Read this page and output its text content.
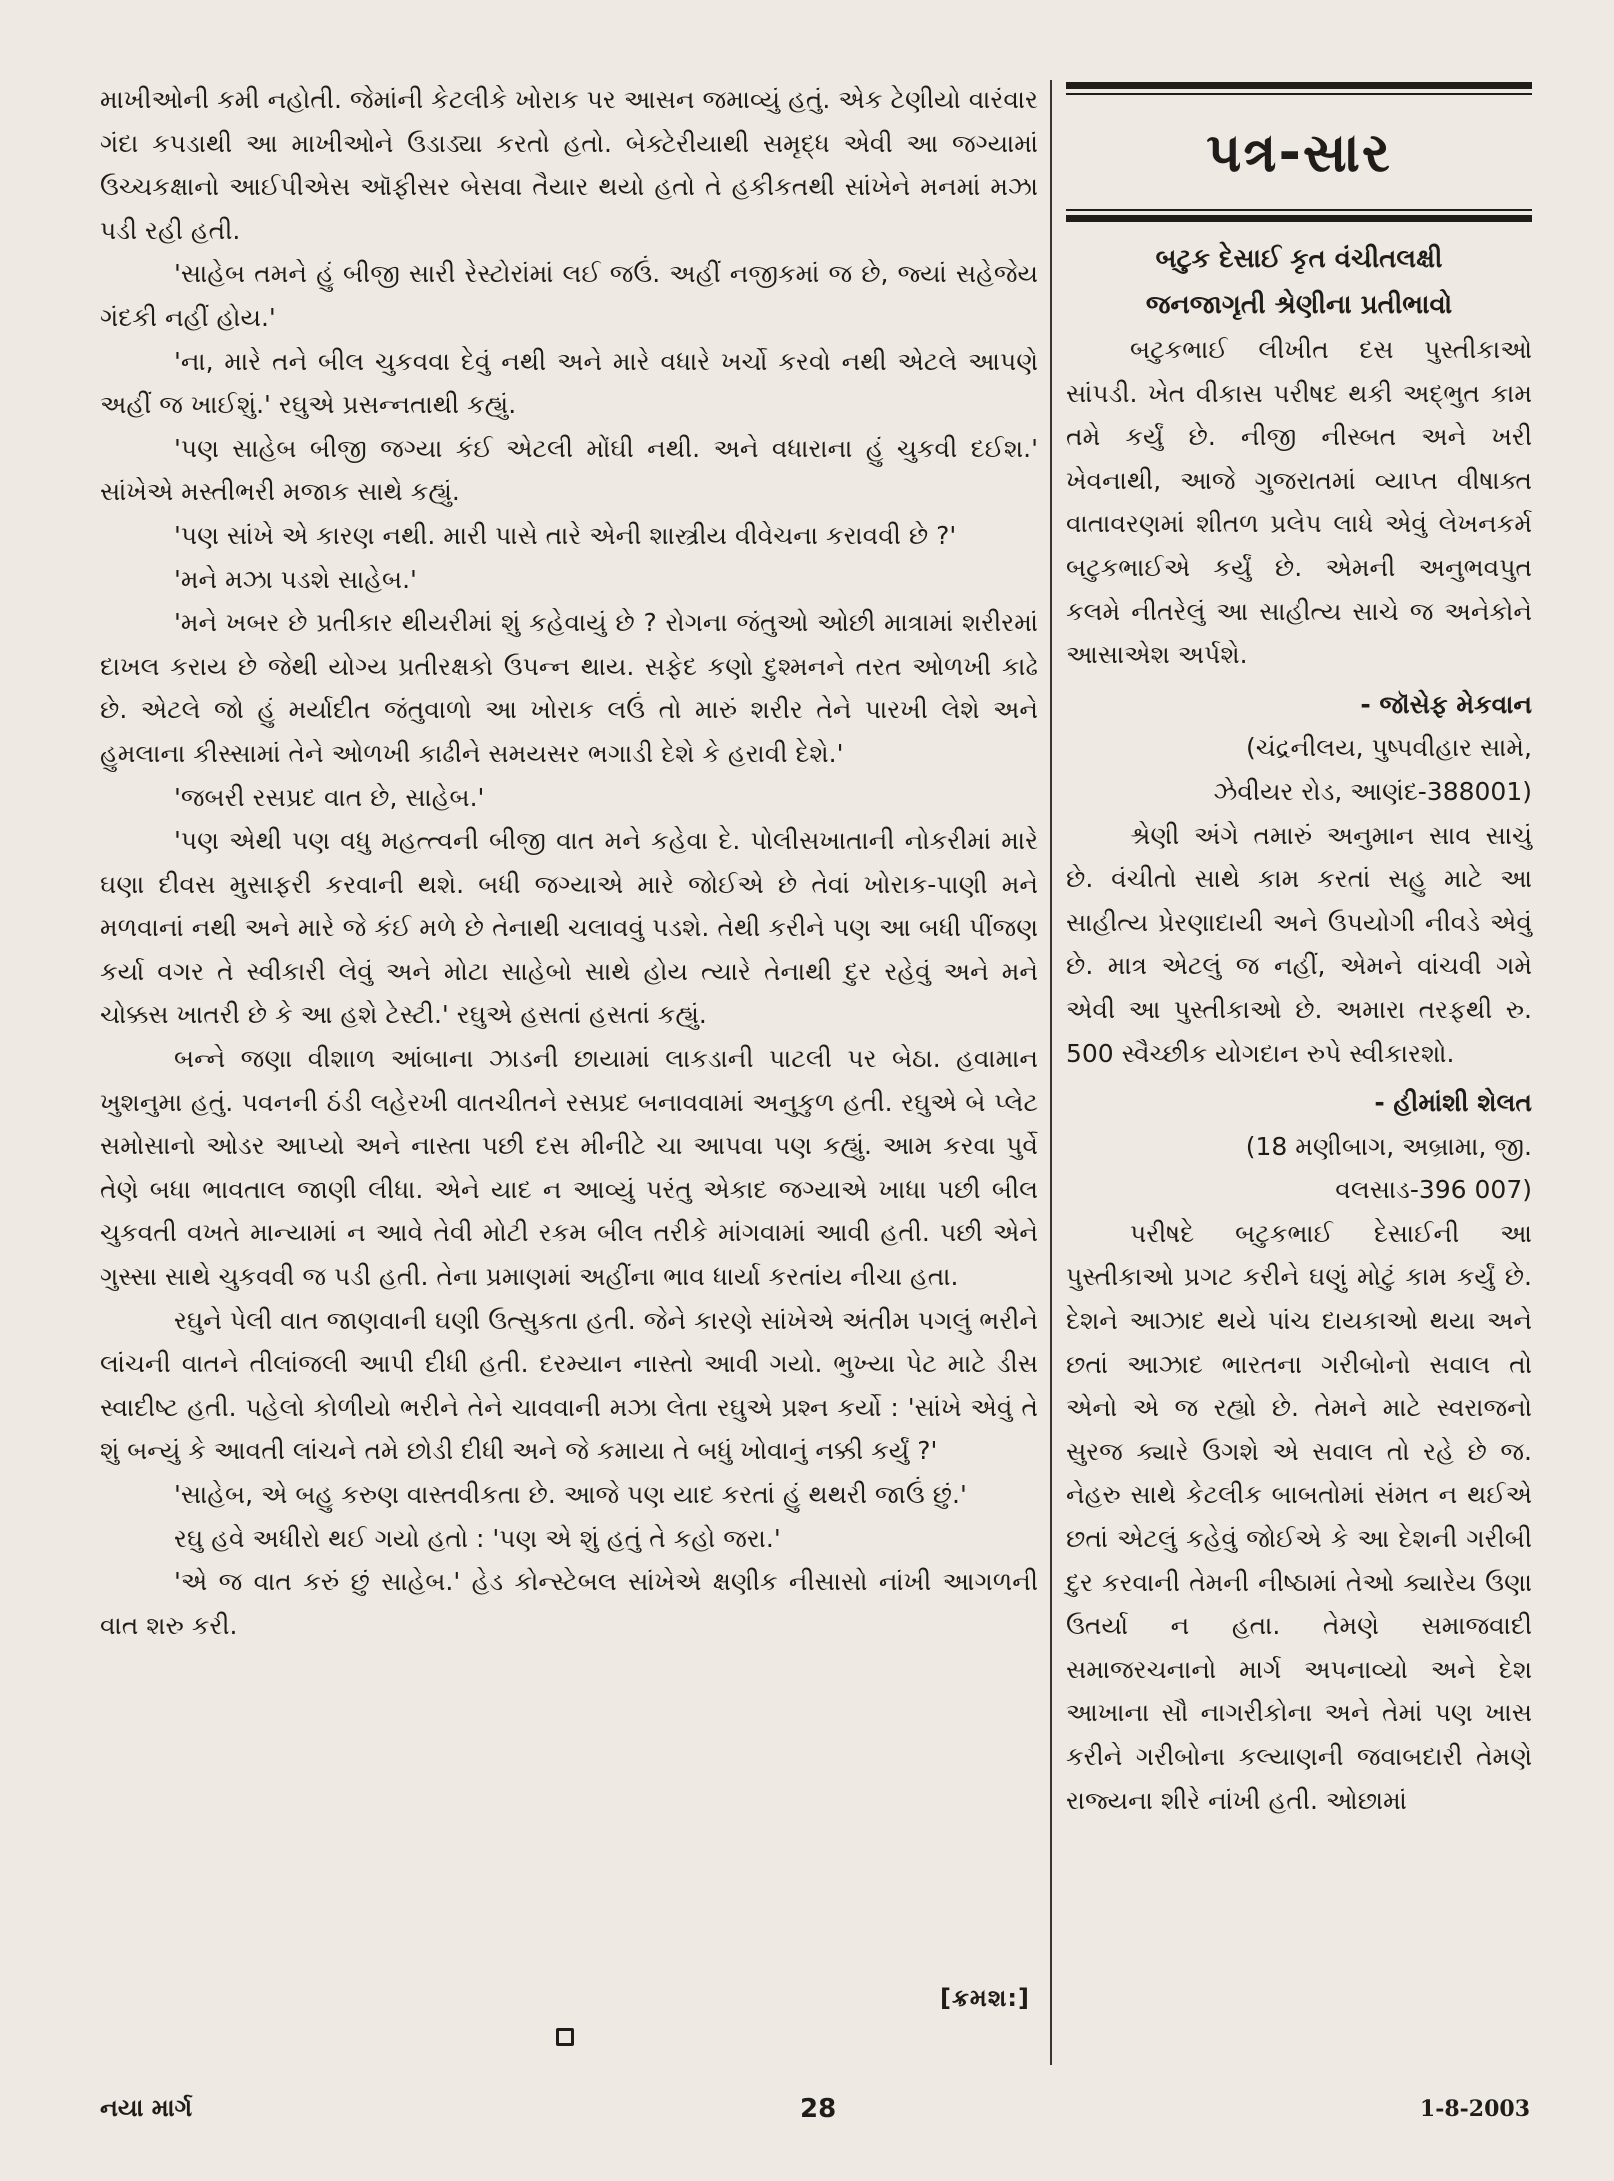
માખીઓની કમી નહોતી. જેમાંની કેટલીકે ખોરાક પર આસન જમાવ્યું હતું. એક ટેણીયો વારંવાર ગંદા કપડાથી આ માખીઓને ઉડાડ્યા કરતો હતો. બેક્ટેરીયાથી સમૃદ્ધ એવી આ જગ્યામાં ઉચ્ચકક્ષાનો આઈપીએસ ઑફીસર બેસવા તૈયાર થયો હતો તે હકીકતથી સાંખેને મનમાં મઝા પડી રહી હતી.

'સાહેબ તમને હું બીજી સારી રેસ્ટોરાંમાં લઈ જઉં. અહીં નજીકમાં જ છે, જ્યાં સહેજેય ગંદકી નહીં હોય.'

'ના, મારે તને બીલ ચુકવવા દેવું નથી અને મારે વધારે ખર્ચો કરવો નથી એટલે આપણે અહીં જ ખાઈશું.' રઘુએ પ્રસન્નતાથી કહ્યું.

'પણ સાહેબ બીજી જગ્યા કંઈ એટલી મોંઘી નથી. અને વધારાના હું ચુકવી દઈશ.' સાંખેએ મસ્તીભરી મજાક સાથે કહ્યું.

'પણ સાંખે એ કારણ નથી. મારી પાસે તારે એની શાસ્ત્રીય વીવેચના કરાવવી છે ?'

'મને મઝા પડશે સાહેબ.'

'મને ખબર છે પ્રતીકાર થીયરીમાં શું કહેવાયું છે ? રોગના જંતુઓ ઓછી માત્રામાં શરીરમાં દાખલ કરાય છે જેથી યોગ્ય પ્રતીરક્ષકો ઉપન્ન થાય. સફેદ કણો દુશ્મનને તરત ઓળખી કાઢે છે. એટલે જો હું મર્યાદીત જંતુવાળો આ ખોરાક લઉં તો મારું શરીર તેને પારખી લેશે અને હુમલાના કીસ્સામાં તેને ઓળખી કાઢીને સમયસર ભગાડી દેશે કે હરાવી દેશે.'

'જબરી રસપ્રદ વાત છે, સાહેબ.'

'પણ એથી પણ વધુ મહત્ત્વની બીજી વાત મને કહેવા દે. પોલીસખાતાની નોકરીમાં મારે ઘણા દીવસ મુસાફરી કરવાની થશે. બધી જગ્યાએ મારે જોઈએ છે તેવાં ખોરાક-પાણી મને મળવાનાં નથી અને મારે જે કંઈ મળે છે તેનાથી ચલાવવું પડશે. તેથી કરીને પણ આ બધી પીંજણ કર્યા વગર તે સ્વીકારી લેવું અને મોટા સાહેબો સાથે હોય ત્યારે તેનાથી દુર રહેવું અને મને ચોક્કસ ખાતરી છે કે આ હશે ટેસ્ટી.' રઘુએ હસતાં હસતાં કહ્યું.

બન્ને જણા વીશાળ આંબાના ઝાડની છાયામાં લાકડાની પાટલી પર બેઠા. હવામાન ખુશનુમા હતું. પવનની ઠંડી લહેરખી વાતચીતને રસપ્રદ બનાવવામાં અનુકુળ હતી. રઘુએ બે પ્લેટ સમોસાનો ઓડર આપ્યો અને નાસ્તા પછી દસ મીનીટે ચા આપવા પણ કહ્યું. આમ કરવા પુર્વે તેણે બધા ભાવતાલ જાણી લીધા. એને યાદ ન આવ્યું પરંતુ એકાદ જગ્યાએ ખાધા પછી બીલ ચુકવતી વખતે માન્યામાં ન આવે તેવી મોટી રકમ બીલ તરીકે માંગવામાં આવી હતી. પછી એને ગુસ્સા સાથે ચુકવવી જ પડી હતી. તેના પ્રમાણમાં અહીંના ભાવ ધાર્યા કરતાંય નીચા હતા.

રઘુને પેલી વાત જાણવાની ઘણી ઉત્સુકતા હતી. જેને કારણે સાંખેએ અંતીમ પગલું ભરીને લાંચની વાતને તીલાંજલી આપી દીધી હતી. દરમ્યાન નાસ્તો આવી ગયો. ભુખ્યા પેટ માટે ડીસ સ્વાદીષ્ટ હતી. પહેલો કોળીયો ભરીને તેને ચાવવાની મઝા લેતા રઘુએ પ્રશ્ન કર્યો : 'સાંખે એવું તે શું બન્યું કે આવતી લાંચને તમે છોડી દીધી અને જે કમાયા તે બધું ખોવાનું નક્કી કર્યું ?'

'સાહેબ, એ બહુ કરુણ વાસ્તવીકતા છે. આજે પણ યાદ કરતાં હું થથરી જાઉં છું.'

રઘુ હવે અધીરો થઈ ગયો હતો : 'પણ એ શું હતું તે કહો જરા.'

'એ જ વાત કરું છું સાહેબ.' હેડ કોન્સ્ટેબલ સાંખેએ ક્ષણીક નીસાસો નાંખી આગળની વાત શરુ કરી.

[ક્રમશ:]
પત્ર-સાર
બટુક દેસાઈ કૃત વંચીતલક્ષી
જનજાગૃતી શ્રેણીના પ્રતીભાવો

બટુકભાઈ લીખીત દસ પુસ્તીકાઓ સાંપડી. ખેત વીકાસ પરીષદ થકી અદ્ભુત કામ તમે કર્યું છે. નીજી નીસ્બત અને ખરી ખેવનાથી, આજે ગુજરાતમાં વ્યાપ્ત વીષાક્ત વાતાવરણમાં શીતળ પ્રલેપ લાધે એવું લેખનકર્મ બટુકભાઈએ કર્યું છે. એમની અનુભવપુત કલમે નીતરેલું આ સાહીત્ય સાચે જ અનેકોને આસાએશ અર્પશે.

- જૉસેફ મેકવાન
(ચંદ્રનીલય, પુષ્પવીહાર સામે,
ઝેવીયર રોડ, આણંદ-388001)

શ્રેણી અંગે તમારું અનુમાન સાવ સાચું છે. વંચીતો સાથે કામ કરતાં સહુ માટે આ સાહીત્ય પ્રેરણાદાયી અને ઉપયોગી નીવડે એવું છે. માત્ર એટલું જ નહીં, એમને વાંચવી ગમે એવી આ પુસ્તીકાઓ છે. અમારા તરફથી રુ. 500 સ્વૈચ્છીક યોગદાન રુપે સ્વીકારશો.

- હીમાંશી શેલત
(18 મણીબાગ, અબ્રામા, જી.
વલસાડ-396 007)

પરીષદે બટુકભાઈ દેસાઈની આ પુસ્તીકાઓ પ્રગટ કરીને ઘણું મોટું કામ કર્યું છે. દેશને આઝાદ થયે પાંચ દાયકાઓ થયા અને છતાં આઝાદ ભારતના ગરીબોનો સવાલ તો એનો એ જ રહ્યો છે. તેમને માટે સ્વરાજનો સુરજ ક્યારે ઉગશે એ સવાલ તો રહે છે જ. નેહરુ સાથે કેટલીક બાબતોમાં સંમત ન થઈએ છતાં એટલું કહેવું જોઈએ કે આ દેશની ગરીબી દુર કરવાની તેમની નીષ્ઠામાં તેઓ ક્યારેય ઉણા ઉતર્યા ન હતા. તેમણે સમાજવાદી સમાજરચનાનો માર્ગ અપનાવ્યો અને દેશ આખાના સૌ નાગરીકોના અને તેમાં પણ ખાસ કરીને ગરીબોના કલ્યાણની જવાબદારી તેમણે રાજ્યના શીરે નાંખી હતી. ઓછામાં

નયા માર્ગ	28	1-8-2003
